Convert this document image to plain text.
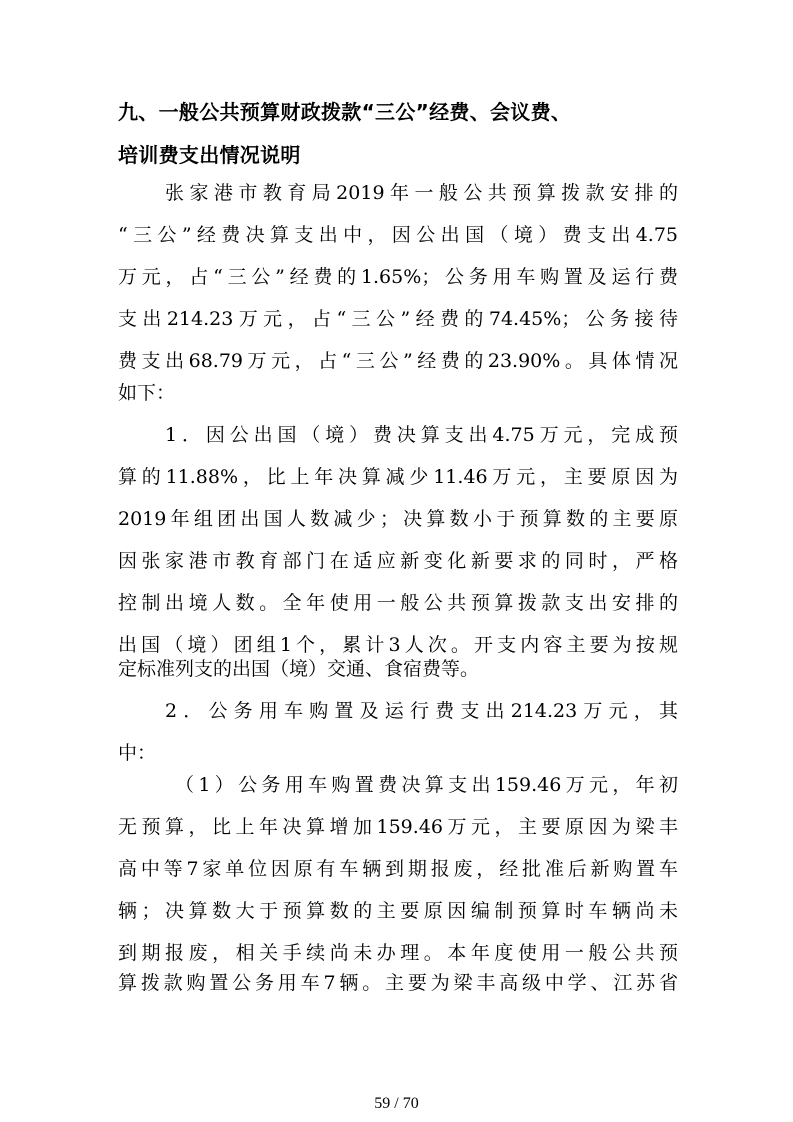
九、一般公共预算财政拨款“三公”经费、会议费、
培训费支出情况说明
张家港市教育局2019年一般公共预算拨款安排的
“三公”经费决算支出中，因公出国（境）费支出4.75
万元，占“三公”经费的1.65%；公务用车购置及运行费
支出214.23万元，占“三公”经费的74.45%；公务接待
费支出68.79万元，占“三公”经费的23.90%。具体情况
如下：
1．因公出国（境）费决算支出4.75万元，完成预
算的11.88%，比上年决算减少11.46万元，主要原因为
2019年组团出国人数减少；决算数小于预算数的主要原
因张家港市教育部门在适应新变化新要求的同时，严格
控制出境人数。全年使用一般公共预算拨款支出安排的
出国（境）团组1个，累计3人次。开支内容主要为按规
定标准列支的出国（境）交通、食宿费等。
2．公务用车购置及运行费支出214.23万元，其
中：
（1）公务用车购置费决算支出159.46万元，年初
无预算，比上年决算增加159.46万元，主要原因为梁丰
高中等7家单位因原有车辆到期报废，经批准后新购置车
辆；决算数大于预算数的主要原因编制预算时车辆尚未
到期报废，相关手续尚未办理。本年度使用一般公共预
算拨款购置公务用车7辆。主要为梁丰高级中学、江苏省
59 / 70
